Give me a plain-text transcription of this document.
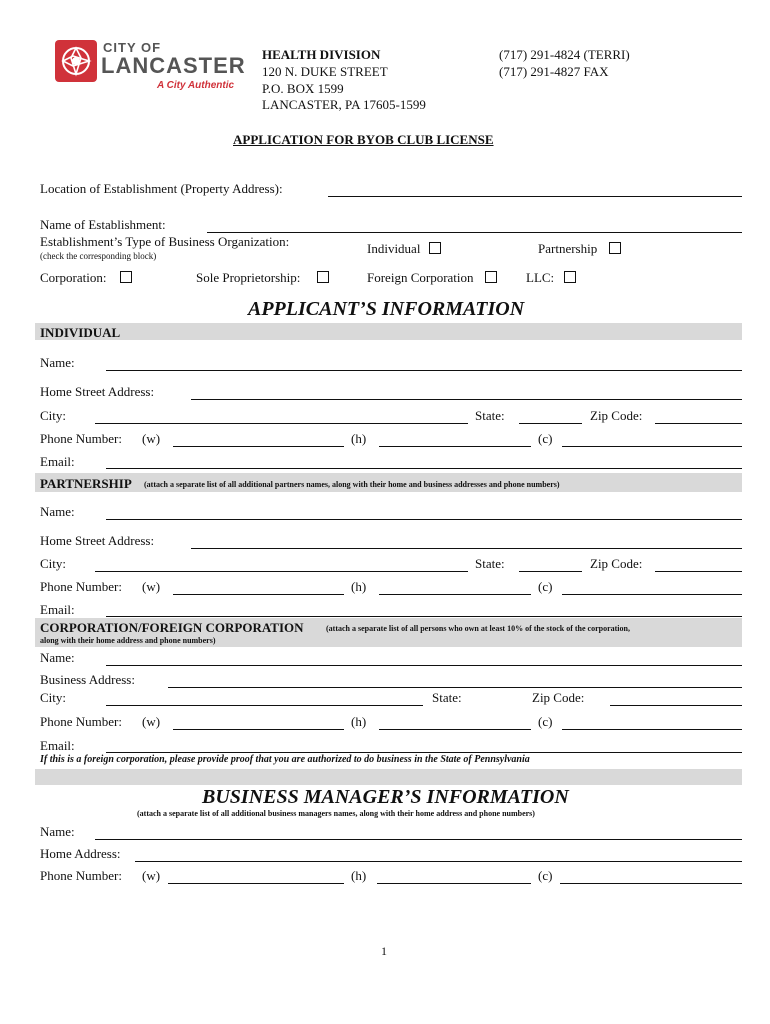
CITY OF
LANCASTER
A City Authentic
HEALTH DIVISION
120 N. DUKE STREET
P.O. BOX 1599
LANCASTER, PA 17605-1599
(717) 291-4824 (TERRI)
(717) 291-4827 FAX
APPLICATION FOR BYOB CLUB LICENSE
Location of Establishment (Property Address):
Name of Establishment:
Establishment’s Type of Business Organization:
(check the corresponding block)	Individual	Partnership
Corporation:	Sole Proprietorship:	Foreign Corporation	LLC:
APPLICANT’S INFORMATION
INDIVIDUAL
Name:
Home Street Address:
City:	State:	Zip Code:
Phone Number: (w)	(h)	(c)
Email:
PARTNERSHIP (attach a separate list of all additional partners names, along with their home and business addresses and phone numbers)
Name:
Home Street Address:
City:	State:	Zip Code:
Phone Number: (w)	(h)	(c)
Email:
CORPORATION/FOREIGN CORPORATION	(attach a separate list of all persons who own at least 10% of the stock of the corporation,
along with their home address and phone numbers)
Name:
Business Address:
City:	State:	Zip Code:
Phone Number: (w)	(h)	(c)
Email:
If this is a foreign corporation, please provide proof that you are authorized to do business in the State of Pennsylvania
BUSINESS MANAGER’S INFORMATION
(attach a separate list of all additional business managers names, along with their home address and phone numbers)
Name:
Home Address:
Phone Number: (w)	(h)	(c)
1
